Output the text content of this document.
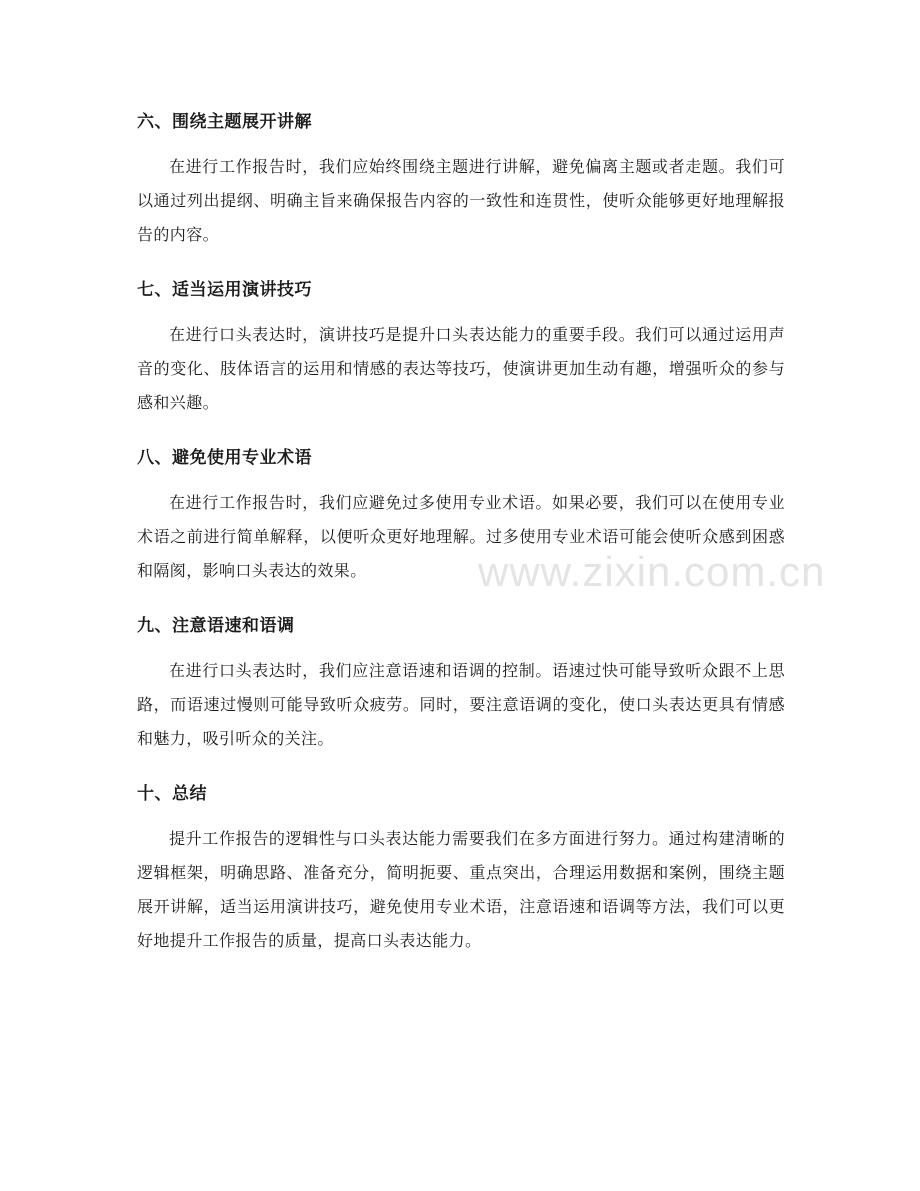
六、围绕主题展开讲解

在进行工作报告时，我们应始终围绕主题进行讲解，避免偏离主题或者走题。我们可以通过列出提纲、明确主旨来确保报告内容的一致性和连贯性，使听众能够更好地理解报告的内容。

七、适当运用演讲技巧

在进行口头表达时，演讲技巧是提升口头表达能力的重要手段。我们可以通过运用声音的变化、肢体语言的运用和情感的表达等技巧，使演讲更加生动有趣，增强听众的参与感和兴趣。

八、避免使用专业术语

在进行工作报告时，我们应避免过多使用专业术语。如果必要，我们可以在使用专业术语之前进行简单解释，以便听众更好地理解。过多使用专业术语可能会使听众感到困惑和隔阂，影响口头表达的效果。

九、注意语速和语调

在进行口头表达时，我们应注意语速和语调的控制。语速过快可能导致听众跟不上思路，而语速过慢则可能导致听众疲劳。同时，要注意语调的变化，使口头表达更具有情感和魅力，吸引听众的关注。

十、总结

提升工作报告的逻辑性与口头表达能力需要我们在多方面进行努力。通过构建清晰的逻辑框架，明确思路、准备充分，简明扼要、重点突出，合理运用数据和案例，围绕主题展开讲解，适当运用演讲技巧，避免使用专业术语，注意语速和语调等方法，我们可以更好地提升工作报告的质量，提高口头表达能力。

www.zixin.com.cn
